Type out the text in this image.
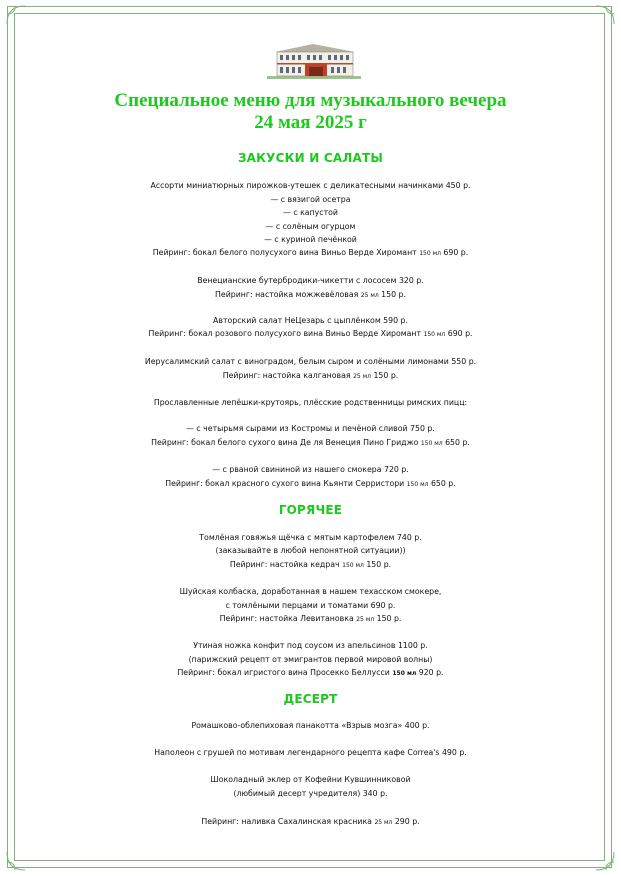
Специальное меню для музыкального вечера
24 мая 2025 г
ЗАКУСКИ И САЛАТЫ
Ассорти миниатюрных пирожков-утешек с деликатесными начинками 450 р.
— с вязигой осетра
— с капустой
— с солёным огурцом
— с куриной печёнкой
Пейринг: бокал белого полусухого вина Виньо Верде Хиромант 150 мл 690 р.
Венецианские бутербродики-чикетти с лососем 320 р.
Пейринг: настойка можжевёловая 25 мл 150 р.
Авторский салат НеЦезарь с цыплёнком 590 р.
Пейринг: бокал розового полусухого вина Виньо Верде Хиромант 150 мл 690 р.
Иерусалимский салат с виноградом, белым сыром и солёными лимонами 550 р.
Пейринг: настойка калгановая 25 мл 150 р.
Прославленные лепёшки-крутоярь, плёсские родственницы римских пицц:
— с четырьмя сырами из Костромы и печёной сливой 750 р.
Пейринг: бокал белого сухого вина Де ля Венеция Пино Гриджо 150 мл 650 р.
— с рваной свининой из нашего смокера 720 р.
Пейринг: бокал красного сухого вина Кьянти Серристори 150 мл 650 р.
ГОРЯЧЕЕ
Томлёная говяжья щёчка с мятым картофелем 740 р.
(заказывайте в любой непонятной ситуации))
Пейринг: настойка кедрач 150 мл 150 р.
Шуйская колбаска, доработанная в нашем техасском смокере,
с томлёными перцами и томатами 690 р.
Пейринг: настойка Левитановка 25 мл 150 р.
Утиная ножка конфит под соусом из апельсинов 1100 р.
(парижский рецепт от эмигрантов первой мировой волны)
Пейринг: бокал игристого вина Просекко Беллусси 150 мл 920 р.
ДЕСЕРТ
Ромашково-облепиховая панакотта «Взрыв мозга» 400 р.
Наполеон с грушей по мотивам легендарного рецепта кафе Correa's 490 р.
Шоколадный эклер от Кофейни Кувшинниковой
(любимый десерт учредителя) 340 р.
Пейринг: наливка Сахалинская красника 25 мл 290 р.
